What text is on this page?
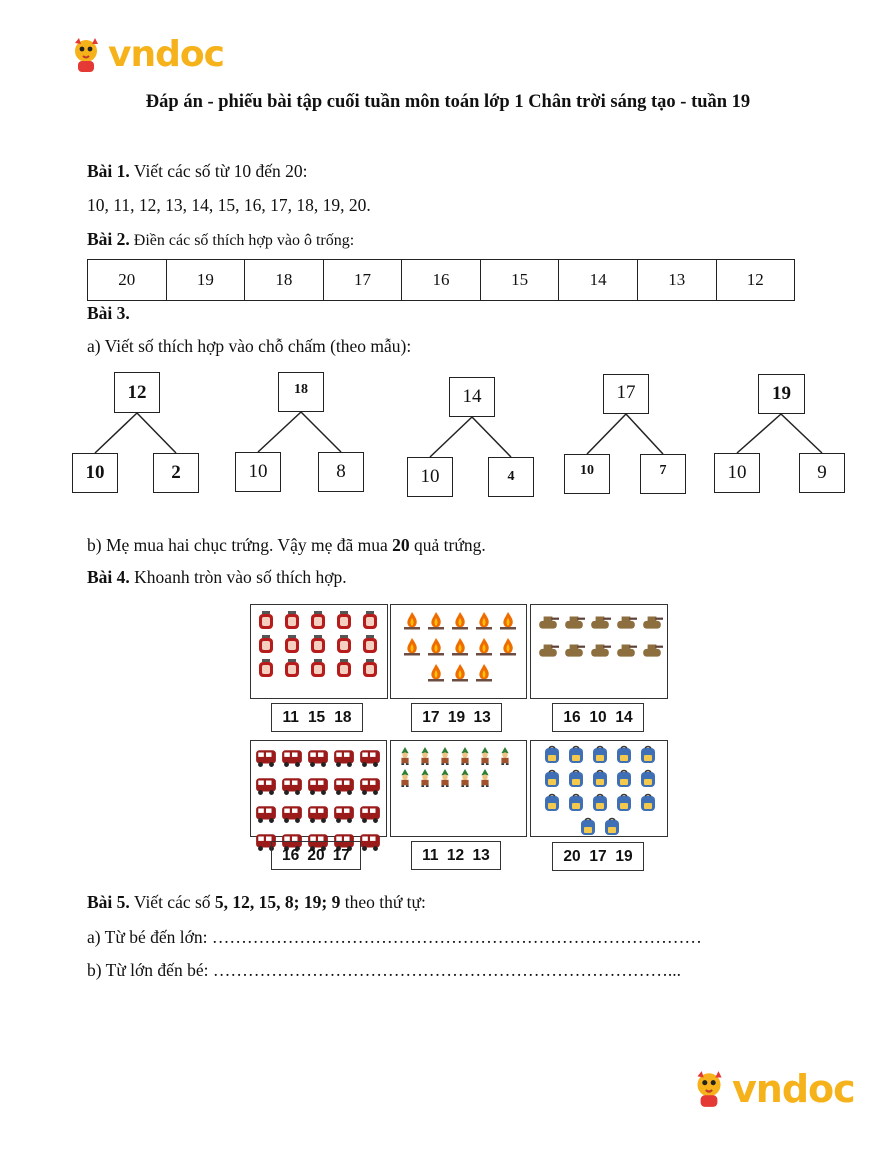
vndoc
Đáp án - phiếu bài tập cuối tuần môn toán lớp 1 Chân trời sáng tạo - tuần 19
Bài 1. Viết các số từ 10 đến 20:
10, 11, 12, 13, 14, 15, 16, 17, 18, 19, 20.
Bài 2. Điền các số thích hợp vào ô trống:
20	19	18	17	16	15	14	13	12
Bài 3.
a) Viết số thích hợp vào chỗ chấm (theo mẫu):
12
10	2
18
10	8
14
10	4
17
10	7
19
10	9
b) Mẹ mua hai chục trứng. Vậy mẹ đã mua 20 quả trứng.
Bài 4. Khoanh tròn vào số thích hợp.
11 15 18	17 19 13	16 10 14
16 20 17	11 12 13	20 17 19
Bài 5. Viết các số 5, 12, 15, 8; 19; 9 theo thứ tự:
a) Từ bé đến lớn: …………………………………………………………………………
b) Từ lớn đến bé: ……………………………………………………………………...
vndoc
